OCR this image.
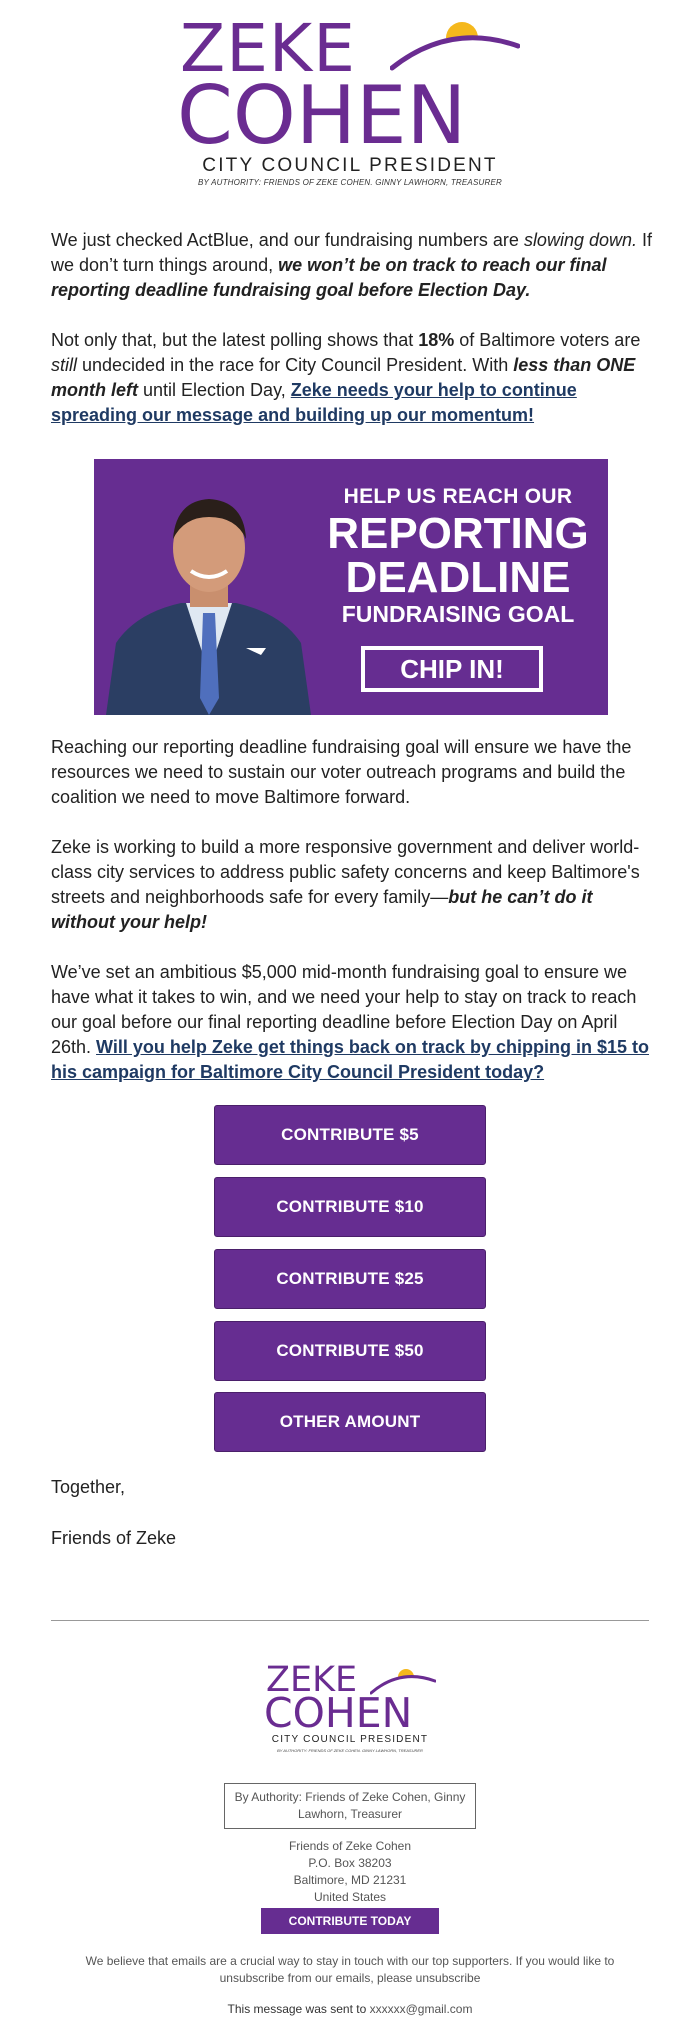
ZEKE
COHEN
CITY COUNCIL PRESIDENT
BY AUTHORITY: FRIENDS OF ZEKE COHEN. GINNY LAWHORN, TREASURER
We just checked ActBlue, and our fundraising numbers are slowing down. If we don’t turn things around, we won’t be on track to reach our final reporting deadline fundraising goal before Election Day.
Not only that, but the latest polling shows that 18% of Baltimore voters are still undecided in the race for City Council President. With less than ONE month left until Election Day, Zeke needs your help to continue spreading our message and building up our momentum!
HELP US REACH OUR
REPORTING
DEADLINE
FUNDRAISING GOAL
CHIP IN!
Reaching our reporting deadline fundraising goal will ensure we have the resources we need to sustain our voter outreach programs and build the coalition we need to move Baltimore forward.
Zeke is working to build a more responsive government and deliver world-class city services to address public safety concerns and keep Baltimore's streets and neighborhoods safe for every family—but he can’t do it without your help!
We’ve set an ambitious $5,000 mid-month fundraising goal to ensure we have what it takes to win, and we need your help to stay on track to reach our goal before our final reporting deadline before Election Day on April 26th. Will you help Zeke get things back on track by chipping in $15 to his campaign for Baltimore City Council President today?
CONTRIBUTE $5
CONTRIBUTE $10
CONTRIBUTE $25
CONTRIBUTE $50
OTHER AMOUNT
Together,
Friends of Zeke
ZEKE
COHEN
CITY COUNCIL PRESIDENT
BY AUTHORITY: FRIENDS OF ZEKE COHEN. GINNY LAWHORN, TREASURER
By Authority: Friends of Zeke Cohen, Ginny Lawhorn, Treasurer
Friends of Zeke Cohen
P.O. Box 38203
Baltimore, MD 21231
United States
CONTRIBUTE TODAY
We believe that emails are a crucial way to stay in touch with our top supporters. If you would like to unsubscribe from our emails, please unsubscribe
This message was sent to xxxxxx@gmail.com
